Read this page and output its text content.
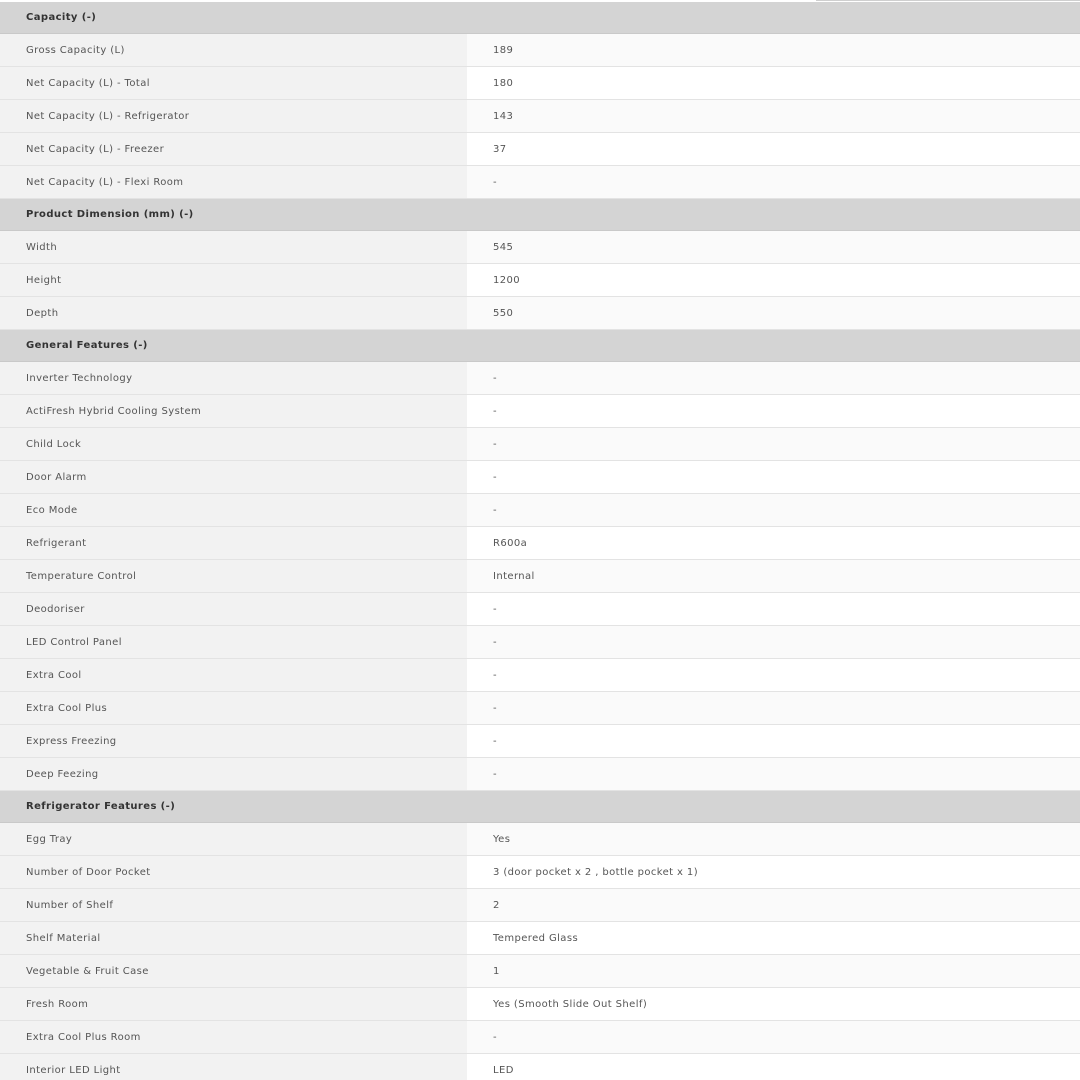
Capacity (-)
Gross Capacity (L)	189
Net Capacity (L) - Total	180
Net Capacity (L) - Refrigerator	143
Net Capacity (L) - Freezer	37
Net Capacity (L) - Flexi Room	-
Product Dimension (mm) (-)
Width	545
Height	1200
Depth	550
General Features (-)
Inverter Technology	-
ActiFresh Hybrid Cooling System	-
Child Lock	-
Door Alarm	-
Eco Mode	-
Refrigerant	R600a
Temperature Control	Internal
Deodoriser	-
LED Control Panel	-
Extra Cool	-
Extra Cool Plus	-
Express Freezing	-
Deep Feezing	-
Refrigerator Features (-)
Egg Tray	Yes
Number of Door Pocket	3 (door pocket x 2 , bottle pocket x 1)
Number of Shelf	2
Shelf Material	Tempered Glass
Vegetable & Fruit Case	1
Fresh Room	Yes (Smooth Slide Out Shelf)
Extra Cool Plus Room	-
Interior LED Light	LED
